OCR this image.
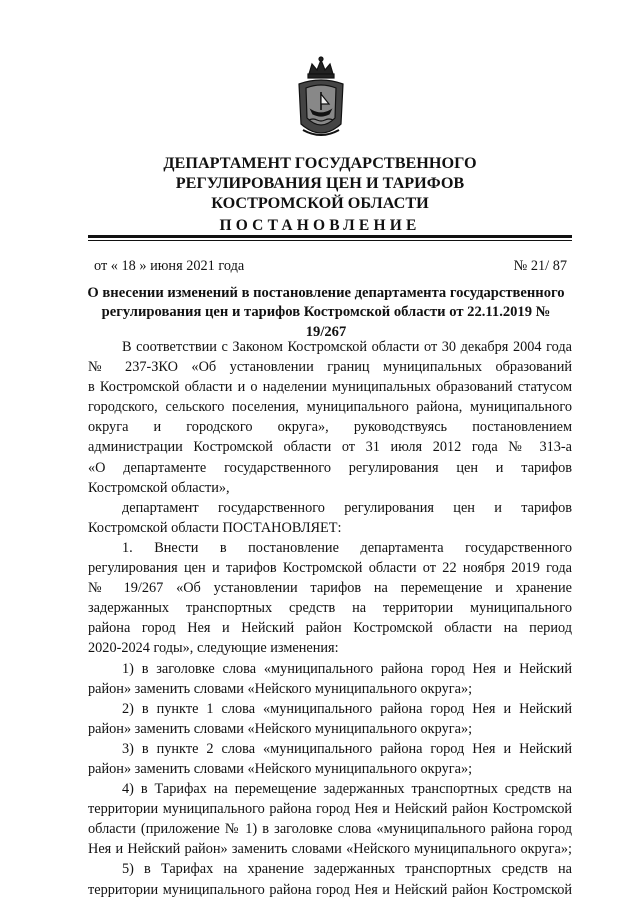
ДЕПАРТАМЕНТ ГОСУДАРСТВЕННОГО
РЕГУЛИРОВАНИЯ ЦЕН И ТАРИФОВ
КОСТРОМСКОЙ ОБЛАСТИ
ПОСТАНОВЛЕНИЕ
от « 18 » июня 2021 года	№ 21/ 87
О внесении изменений в постановление департамента государственного
регулирования цен и тарифов Костромской области от 22.11.2019 № 19/267
В соответствии с Законом Костромской области от 30 декабря 2004 года
№ 237-ЗКО «Об установлении границ муниципальных образований
в Костромской области и о наделении муниципальных образований статусом
городского, сельского поселения, муниципального района, муниципального
округа и городского округа», руководствуясь постановлением
администрации Костромской области от 31 июля 2012 года № 313-а
«О департаменте государственного регулирования цен и тарифов
Костромской области»,
департамент государственного регулирования цен и тарифов
Костромской области ПОСТАНОВЛЯЕТ:
1. Внести в постановление департамента государственного
регулирования цен и тарифов Костромской области от 22 ноября 2019 года
№ 19/267 «Об установлении тарифов на перемещение и хранение
задержанных транспортных средств на территории муниципального
района город Нея и Нейский район Костромской области на период
2020-2024 годы», следующие изменения:
1) в заголовке слова «муниципального района город Нея и Нейский
район» заменить словами «Нейского муниципального округа»;
2) в пункте 1 слова «муниципального района город Нея и Нейский
район» заменить словами «Нейского муниципального округа»;
3) в пункте 2 слова «муниципального района город Нея и Нейский
район» заменить словами «Нейского муниципального округа»;
4) в Тарифах на перемещение задержанных транспортных средств на
территории муниципального района город Нея и Нейский район Костромской
области (приложение № 1) в заголовке слова «муниципального района город
Нея и Нейский район» заменить словами «Нейского муниципального округа»;
5) в Тарифах на хранение задержанных транспортных средств на
территории муниципального района город Нея и Нейский район Костромской
